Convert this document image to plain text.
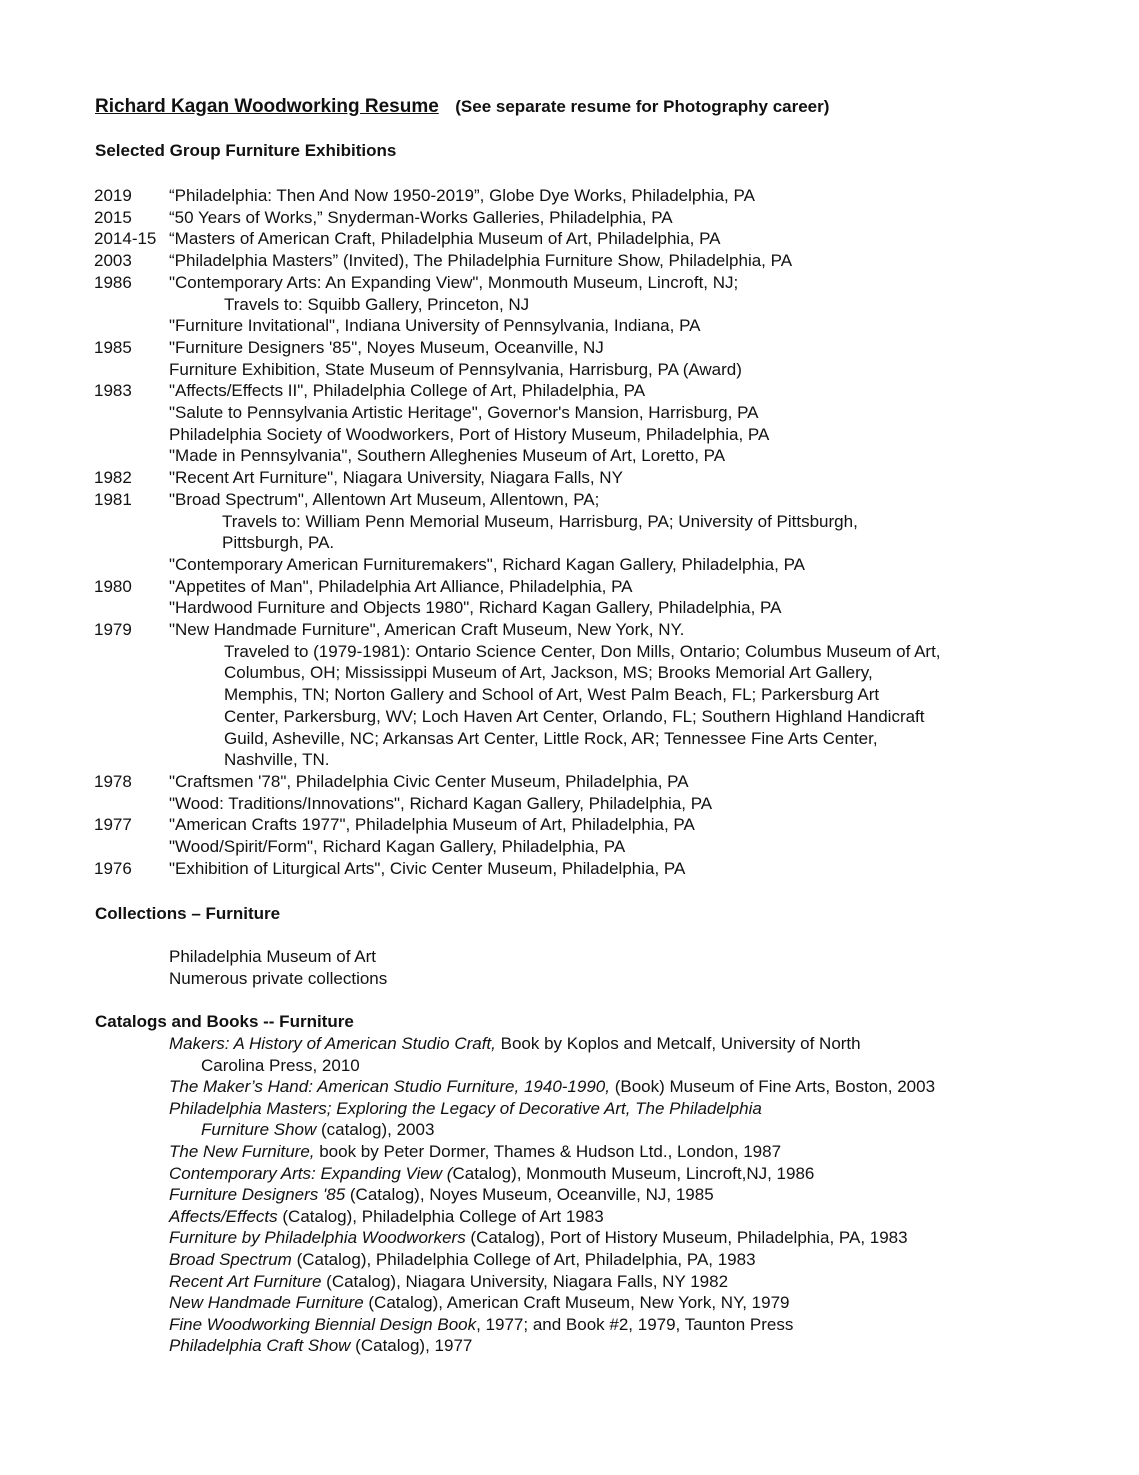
Richard Kagan Woodworking Resume (See separate resume for Photography career)
Selected Group Furniture Exhibitions
2019
2015
2014-15
2003
1986
1985
1983
1982
1981
1980
1979
1978
1977
1976
“Philadelphia: Then And Now 1950-2019”, Globe Dye Works, Philadelphia, PA
“50 Years of Works,” Snyderman-Works Galleries, Philadelphia, PA
“Masters of American Craft, Philadelphia Museum of Art, Philadelphia, PA
“Philadelphia Masters” (Invited), The Philadelphia Furniture Show, Philadelphia, PA
"Contemporary Arts: An Expanding View", Monmouth Museum, Lincroft, NJ;
Travels to: Squibb Gallery, Princeton, NJ
"Furniture Invitational", Indiana University of Pennsylvania, Indiana, PA
"Furniture Designers '85", Noyes Museum, Oceanville, NJ
Furniture Exhibition, State Museum of Pennsylvania, Harrisburg, PA (Award)
"Affects/Effects II", Philadelphia College of Art, Philadelphia, PA
"Salute to Pennsylvania Artistic Heritage", Governor's Mansion, Harrisburg, PA
Philadelphia Society of Woodworkers, Port of History Museum, Philadelphia, PA
"Made in Pennsylvania", Southern Alleghenies Museum of Art, Loretto, PA
"Recent Art Furniture", Niagara University, Niagara Falls, NY
"Broad Spectrum", Allentown Art Museum, Allentown, PA;
Travels to: William Penn Memorial Museum, Harrisburg, PA; University of Pittsburgh,
Pittsburgh, PA.
"Contemporary American Furnituremakers", Richard Kagan Gallery, Philadelphia, PA
"Appetites of Man", Philadelphia Art Alliance, Philadelphia, PA
"Hardwood Furniture and Objects 1980", Richard Kagan Gallery, Philadelphia, PA
"New Handmade Furniture", American Craft Museum, New York, NY.
Traveled to (1979-1981): Ontario Science Center, Don Mills, Ontario; Columbus Museum of Art,
Columbus, OH; Mississippi Museum of Art, Jackson, MS; Brooks Memorial Art Gallery,
Memphis, TN; Norton Gallery and School of Art, West Palm Beach, FL; Parkersburg Art
Center, Parkersburg, WV; Loch Haven Art Center, Orlando, FL; Southern Highland Handicraft
Guild, Asheville, NC; Arkansas Art Center, Little Rock, AR; Tennessee Fine Arts Center,
Nashville, TN.
"Craftsmen '78", Philadelphia Civic Center Museum, Philadelphia, PA
"Wood: Traditions/Innovations", Richard Kagan Gallery, Philadelphia, PA
"American Crafts 1977", Philadelphia Museum of Art, Philadelphia, PA
"Wood/Spirit/Form", Richard Kagan Gallery, Philadelphia, PA
"Exhibition of Liturgical Arts", Civic Center Museum, Philadelphia, PA
Collections – Furniture
Philadelphia Museum of Art
Numerous private collections
Catalogs and Books -- Furniture
Makers: A History of American Studio Craft, Book by Koplos and Metcalf, University of North
Carolina Press, 2010
The Maker’s Hand: American Studio Furniture, 1940-1990, (Book) Museum of Fine Arts, Boston, 2003
Philadelphia Masters; Exploring the Legacy of Decorative Art, The Philadelphia
Furniture Show (catalog), 2003
The New Furniture, book by Peter Dormer, Thames & Hudson Ltd., London, 1987
Contemporary Arts: Expanding View (Catalog), Monmouth Museum, Lincroft,NJ, 1986
Furniture Designers '85 (Catalog), Noyes Museum, Oceanville, NJ, 1985
Affects/Effects (Catalog), Philadelphia College of Art 1983
Furniture by Philadelphia Woodworkers (Catalog), Port of History Museum, Philadelphia, PA, 1983
Broad Spectrum (Catalog), Philadelphia College of Art, Philadelphia, PA, 1983
Recent Art Furniture (Catalog), Niagara University, Niagara Falls, NY 1982
New Handmade Furniture (Catalog), American Craft Museum, New York, NY, 1979
Fine Woodworking Biennial Design Book, 1977; and Book #2, 1979, Taunton Press
Philadelphia Craft Show (Catalog), 1977
